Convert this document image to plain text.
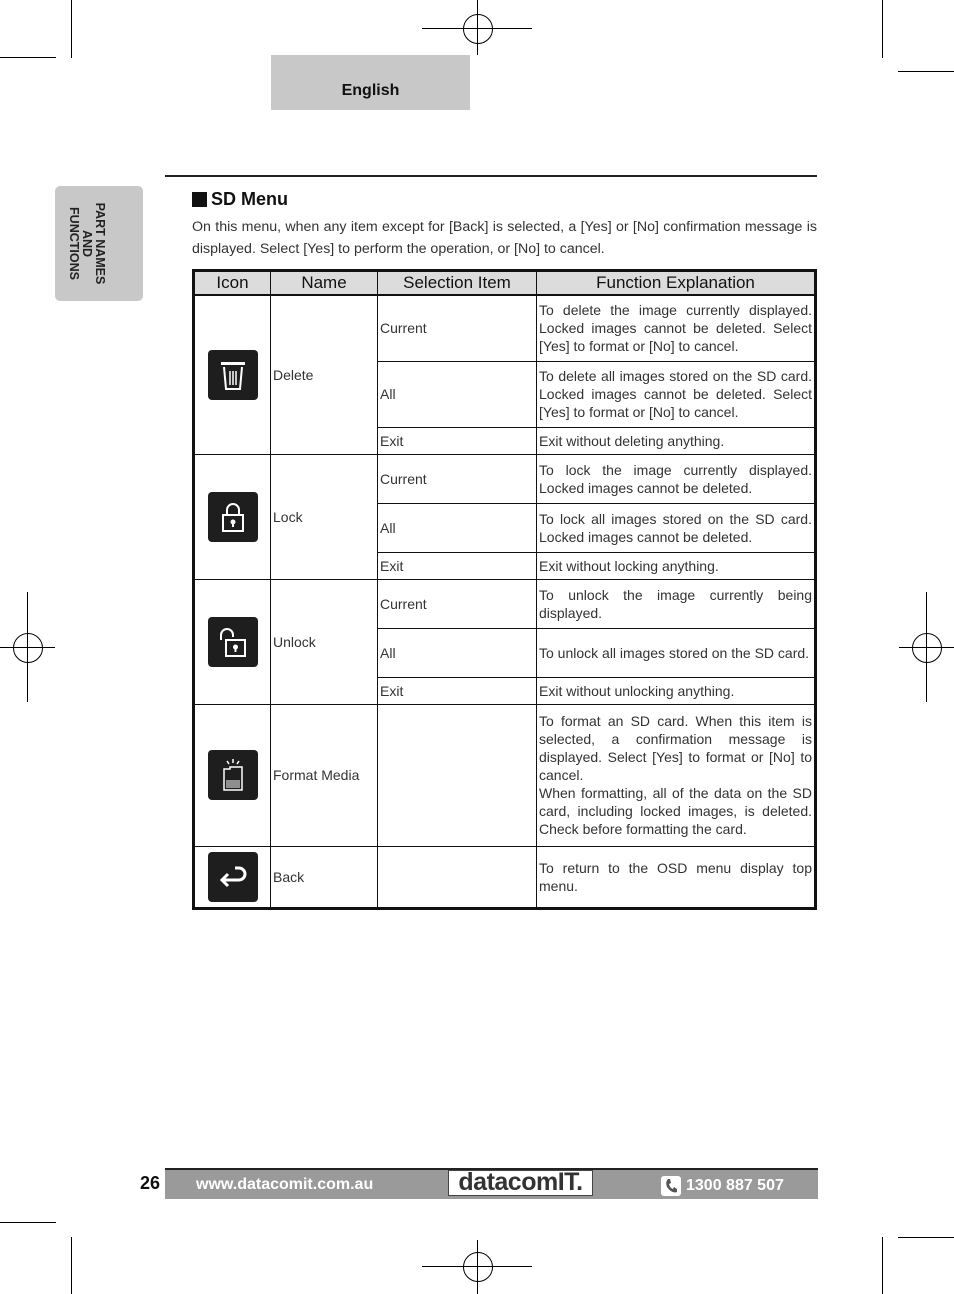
English
PART NAMES
AND
FUNCTIONS
SD Menu
On this menu, when any item except for [Back] is selected, a [Yes] or [No] confirmation message is displayed. Select [Yes] to perform the operation, or [No] to cancel.
Icon	Name	Selection Item	Function Explanation

	Delete	Current	To delete the image currently displayed. Locked images cannot be deleted. Select [Yes] to format or [No] to cancel.
		All	To delete all images stored on the SD card. Locked images cannot be deleted. Select [Yes] to format or [No] to cancel.
		Exit	Exit without deleting anything.

	Lock	Current	To lock the image currently displayed. Locked images cannot be deleted.
		All	To lock all images stored on the SD card. Locked images cannot be deleted.
		Exit	Exit without locking anything.

	Unlock	Current	To unlock the image currently being displayed.
		All	To unlock all images stored on the SD card.
		Exit	Exit without unlocking anything.

	Format Media		To format an SD card. When this item is selected, a confirmation message is displayed. Select [Yes] to format or [No] to cancel.
When formatting, all of the data on the SD card, including locked images, is deleted. Check before formatting the card.

	Back		To return to the OSD menu display top menu.
26 www.datacomit.com.au	datacomIT.	1300 887 507
